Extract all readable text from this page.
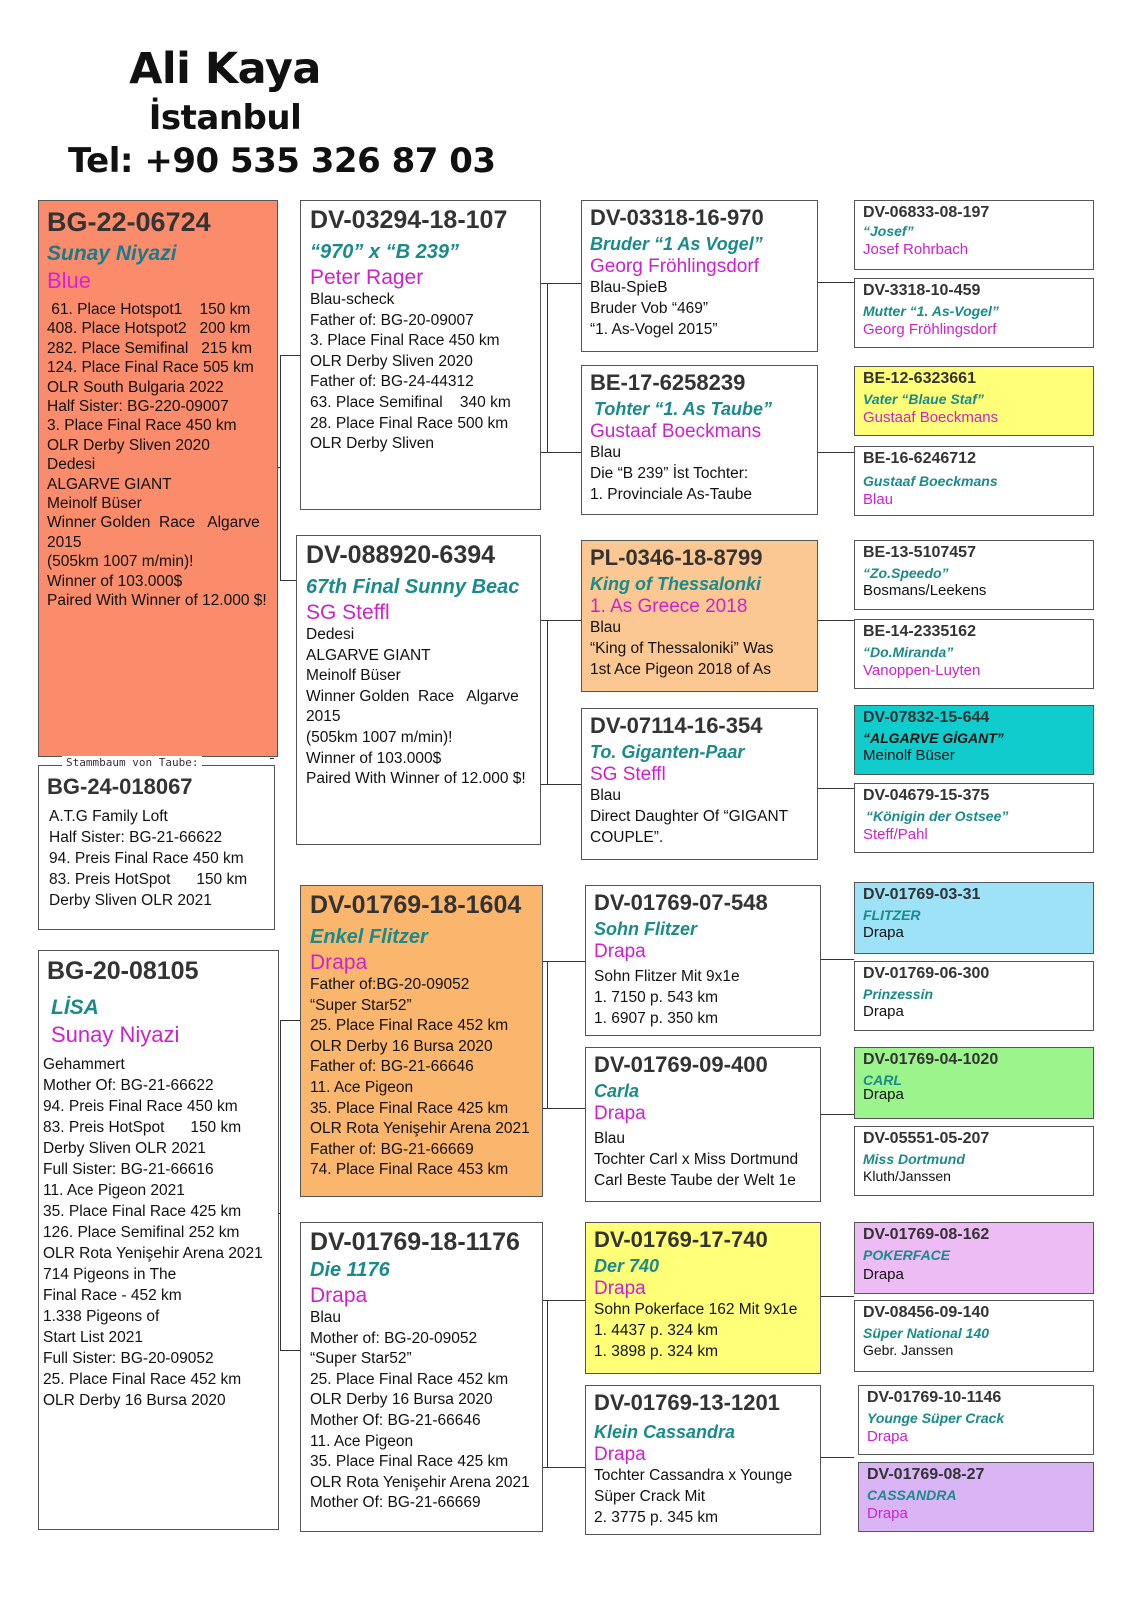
Ali Kaya
İstanbul
Tel: +90 535 326 87 03
BG-22-06724
Sunay Niyazi
Blue
61. Place Hotspot1    150 km
408. Place Hotspot2   200 km
282. Place Semifinal   215 km
124. Place Final Race 505 km
OLR South Bulgaria 2022
Half Sister: BG-220-09007
3. Place Final Race 450 km
OLR Derby Sliven 2020
Dedesi
ALGARVE GIANT
Meinolf Büser
Winner Golden  Race   Algarve
2015
(505km 1007 m/min)!
Winner of 103.000$
Paired With Winner of 12.000 $!
BG-24-018067
A.T.G Family Loft
Half Sister: BG-21-66622
94. Preis Final Race 450 km
83. Preis HotSpot      150 km
Derby Sliven OLR 2021
Stammbaum von Taube:
BG-20-08105
LİSA
Sunay Niyazi
Gehammert
Mother Of: BG-21-66622
94. Preis Final Race 450 km
83. Preis HotSpot      150 km
Derby Sliven OLR 2021
Full Sister: BG-21-66616
11. Ace Pigeon 2021
35. Place Final Race 425 km
126. Place Semifinal 252 km
OLR Rota Yenişehir Arena 2021
714 Pigeons in The
Final Race - 452 km
1.338 Pigeons of
Start List 2021
Full Sister: BG-20-09052
25. Place Final Race 452 km
OLR Derby 16 Bursa 2020
DV-03294-18-107
“970” x “B 239”
Peter Rager
Blau-scheck
Father of: BG-20-09007
3. Place Final Race 450 km
OLR Derby Sliven 2020
Father of: BG-24-44312
63. Place Semifinal    340 km
28. Place Final Race 500 km
OLR Derby Sliven
DV-088920-6394
67th Final Sunny Beac
SG Steffl
Dedesi
ALGARVE GIANT
Meinolf Büser
Winner Golden  Race   Algarve
2015
(505km 1007 m/min)!
Winner of 103.000$
Paired With Winner of 12.000 $!
DV-01769-18-1604
Enkel Flitzer
Drapa
Father of:BG-20-09052
“Super Star52”
25. Place Final Race 452 km
OLR Derby 16 Bursa 2020
Father of: BG-21-66646
11. Ace Pigeon
35. Place Final Race 425 km
OLR Rota Yenişehir Arena 2021
Father of: BG-21-66669
74. Place Final Race 453 km
DV-01769-18-1176
Die 1176
Drapa
Blau
Mother of: BG-20-09052
“Super Star52”
25. Place Final Race 452 km
OLR Derby 16 Bursa 2020
Mother Of: BG-21-66646
11. Ace Pigeon
35. Place Final Race 425 km
OLR Rota Yenişehir Arena 2021
Mother Of: BG-21-66669
DV-03318-16-970
Bruder “1 As Vogel”
Georg Fröhlingsdorf
Blau-SpieB
Bruder Vob “469”
“1. As-Vogel 2015”
BE-17-6258239
Tohter “1. As Taube”
Gustaaf Boeckmans
Blau
Die “B 239” İst Tochter:
1. Provinciale As-Taube
PL-0346-18-8799
King of Thessalonki
1. As Greece 2018
Blau
“King of Thessaloniki” Was
1st Ace Pigeon 2018 of As
DV-07114-16-354
To. Giganten-Paar
SG Steffl
Blau
Direct Daughter Of “GIGANT
COUPLE”.
DV-01769-07-548
Sohn Flitzer
Drapa
Sohn Flitzer Mit 9x1e
1. 7150 p. 543 km
1. 6907 p. 350 km
DV-01769-09-400
Carla
Drapa
Blau
Tochter Carl x Miss Dortmund
Carl Beste Taube der Welt 1e
DV-01769-17-740
Der 740
Drapa
Sohn Pokerface 162 Mit 9x1e
1. 4437 p. 324 km
1. 3898 p. 324 km
DV-01769-13-1201
Klein Cassandra
Drapa
Tochter Cassandra x Younge
Süper Crack Mit
2. 3775 p. 345 km
DV-06833-08-197
“Josef”
Josef Rohrbach
DV-3318-10-459
Mutter “1. As-Vogel”
Georg Fröhlingsdorf
BE-12-6323661
Vater “Blaue Staf”
Gustaaf Boeckmans
BE-16-6246712
Gustaaf Boeckmans
Blau
BE-13-5107457
“Zo.Speedo”
Bosmans/Leekens
BE-14-2335162
“Do.Miranda”
Vanoppen-Luyten
DV-07832-15-644
“ALGARVE GİGANT”
Meinolf Büser
DV-04679-15-375
“Königin der Ostsee”
Steff/Pahl
DV-01769-03-31
FLITZER
Drapa
DV-01769-06-300
Prinzessin
Drapa
DV-01769-04-1020
CARL
Drapa
DV-05551-05-207
Miss Dortmund
Kluth/Janssen
DV-01769-08-162
POKERFACE
Drapa
DV-08456-09-140
Süper National 140
Gebr. Janssen
DV-01769-10-1146
Younge Süper Crack
Drapa
DV-01769-08-27
CASSANDRA
Drapa
